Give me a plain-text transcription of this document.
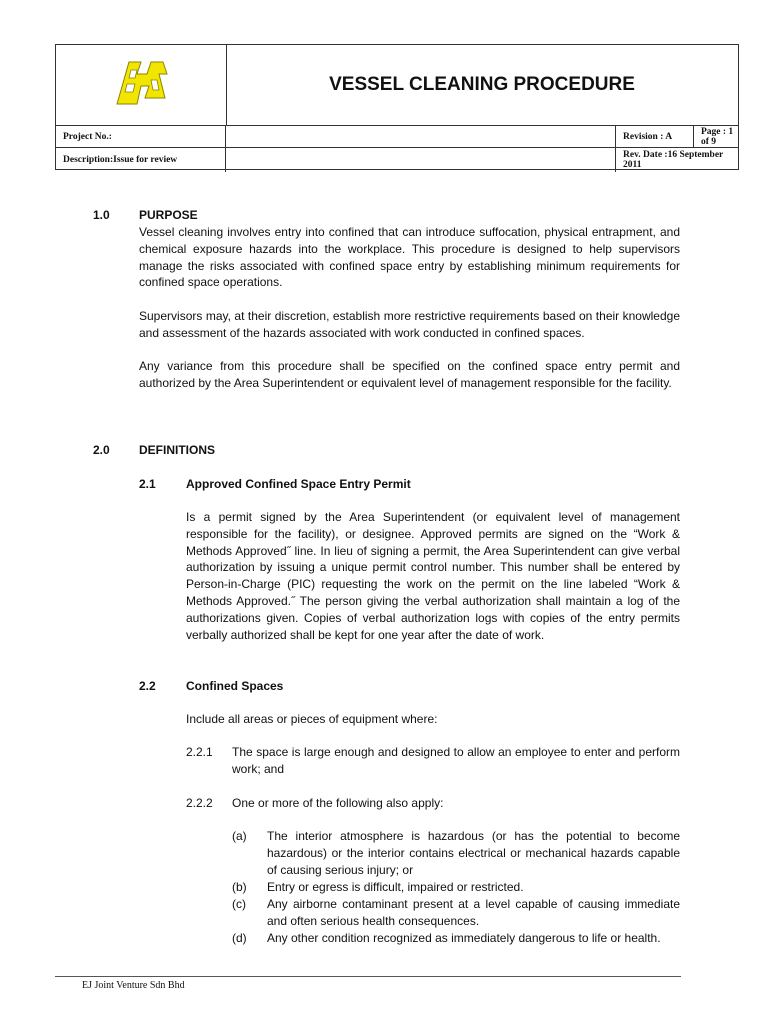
VESSEL CLEANING PROCEDURE
Project No.:	Revision : A	Page : 1 of 9
Description:Issue for review	Rev. Date :16 September 2011
1.0 PURPOSE
Vessel cleaning involves entry into confined that can introduce suffocation, physical entrapment, and chemical exposure hazards into the workplace. This procedure is designed to help supervisors manage the risks associated with confined space entry by establishing minimum requirements for confined space operations.
Supervisors may, at their discretion, establish more restrictive requirements based on their knowledge and assessment of the hazards associated with work conducted in confined spaces.
Any variance from this procedure shall be specified on the confined space entry permit and authorized by the Area Superintendent or equivalent level of management responsible for the facility.
2.0 DEFINITIONS
2.1	Approved Confined Space Entry Permit
Is a permit signed by the Area Superintendent (or equivalent level of management responsible for the facility), or designee. Approved permits are signed on the “Work & Methods Approved˝ line. In lieu of signing a permit, the Area Superintendent can give verbal authorization by issuing a unique permit control number. This number shall be entered by Person-in-Charge (PIC) requesting the work on the permit on the line labeled “Work & Methods Approved.˝ The person giving the verbal authorization shall maintain a log of the authorizations given. Copies of verbal authorization logs with copies of the entry permits verbally authorized shall be kept for one year after the date of work.
2.2	Confined Spaces
Include all areas or pieces of equipment where:
2.2.1 The space is large enough and designed to allow an employee to enter and perform work; and
2.2.2 One or more of the following also apply:
(a) The interior atmosphere is hazardous (or has the potential to become hazardous) or the interior contains electrical or mechanical hazards capable of causing serious injury; or
(b) Entry or egress is difficult, impaired or restricted.
(c) Any airborne contaminant present at a level capable of causing immediate and often serious health consequences.
(d) Any other condition recognized as immediately dangerous to life or health.
EJ Joint Venture Sdn Bhd
